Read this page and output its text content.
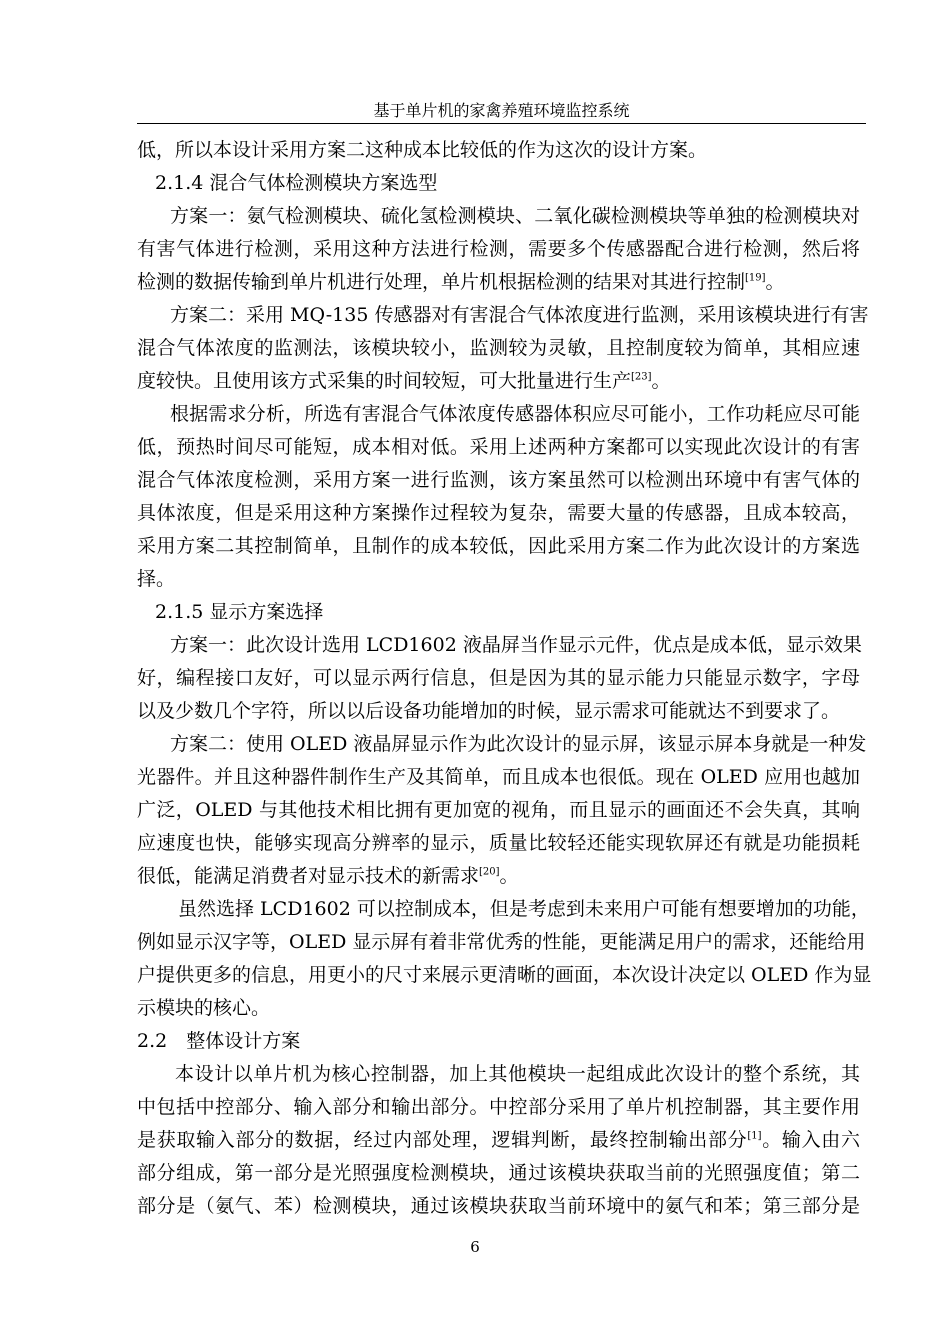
基于单片机的家禽养殖环境监控系统
低，所以本设计采用方案二这种成本比较低的作为这次的设计方案。
2.1.4 混合气体检测模块方案选型
方案一：氨气检测模块、硫化氢检测模块、二氧化碳检测模块等单独的检测模块对
有害气体进行检测，采用这种方法进行检测，需要多个传感器配合进行检测，然后将
检测的数据传输到单片机进行处理，单片机根据检测的结果对其进行控制[19]。
方案二：采用 MQ-135 传感器对有害混合气体浓度进行监测，采用该模块进行有害
混合气体浓度的监测法，该模块较小，监测较为灵敏，且控制度较为简单，其相应速
度较快。且使用该方式采集的时间较短，可大批量进行生产[23]。
根据需求分析，所选有害混合气体浓度传感器体积应尽可能小，工作功耗应尽可能
低，预热时间尽可能短，成本相对低。采用上述两种方案都可以实现此次设计的有害
混合气体浓度检测，采用方案一进行监测，该方案虽然可以检测出环境中有害气体的
具体浓度，但是采用这种方案操作过程较为复杂，需要大量的传感器，且成本较高，
采用方案二其控制简单，且制作的成本较低，因此采用方案二作为此次设计的方案选
择。
2.1.5 显示方案选择
方案一：此次设计选用 LCD1602 液晶屏当作显示元件，优点是成本低，显示效果
好，编程接口友好，可以显示两行信息，但是因为其的显示能力只能显示数字，字母
以及少数几个字符，所以以后设备功能增加的时候，显示需求可能就达不到要求了。
方案二：使用 OLED 液晶屏显示作为此次设计的显示屏，该显示屏本身就是一种发
光器件。并且这种器件制作生产及其简单，而且成本也很低。现在 OLED 应用也越加
广泛，OLED 与其他技术相比拥有更加宽的视角，而且显示的画面还不会失真，其响
应速度也快，能够实现高分辨率的显示，质量比较轻还能实现软屏还有就是功能损耗
很低，能满足消费者对显示技术的新需求[20]。
虽然选择 LCD1602 可以控制成本，但是考虑到未来用户可能有想要增加的功能，
例如显示汉字等，OLED 显示屏有着非常优秀的性能，更能满足用户的需求，还能给用
户提供更多的信息，用更小的尺寸来展示更清晰的画面，本次设计决定以 OLED 作为显
示模块的核心。
2.2　整体设计方案
本设计以单片机为核心控制器，加上其他模块一起组成此次设计的整个系统，其
中包括中控部分、输入部分和输出部分。中控部分采用了单片机控制器，其主要作用
是获取输入部分的数据，经过内部处理，逻辑判断，最终控制输出部分[1]。输入由六
部分组成，第一部分是光照强度检测模块，通过该模块获取当前的光照强度值；第二
部分是（氨气、苯）检测模块，通过该模块获取当前环境中的氨气和苯；第三部分是
6
